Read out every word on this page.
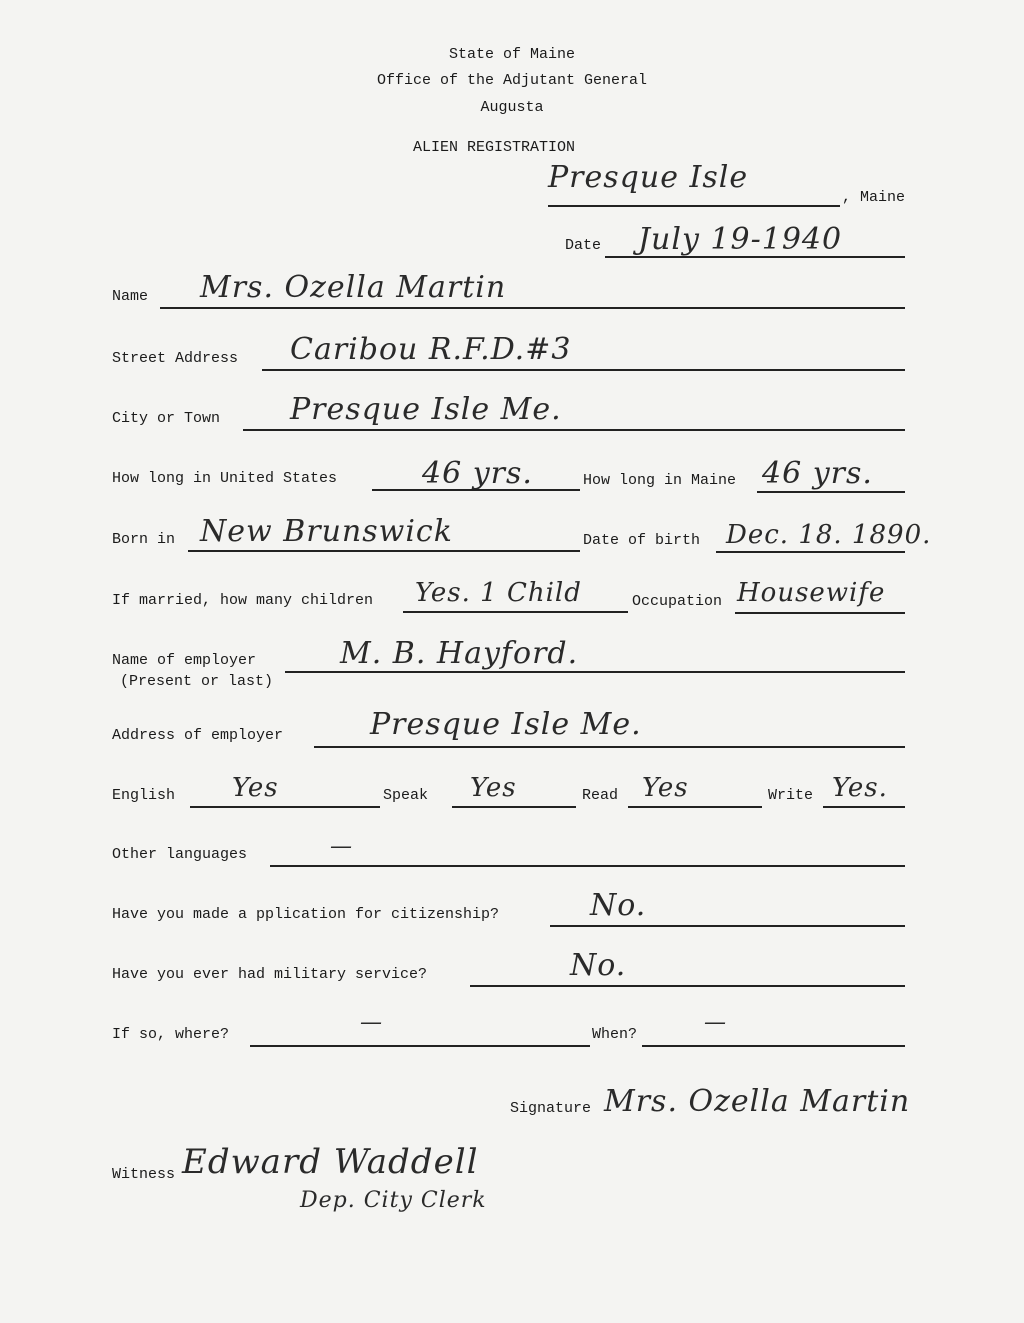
State of Maine
Office of the Adjutant General
Augusta
ALIEN REGISTRATION
Presque Isle
, Maine
Date July 19-1940
Name Mrs. Ozella Martin
Street Address Caribou R.F.D.#3
City or Town Presque Isle Me.
How long in United States	46 yrs.	How long in Maine 46 yrs.
Born in New Brunswick	Date of birth Dec. 18. 1890.
If married, how many children Yes. 1 Child	Occupation Housewife
Name of employer
(Present or last)
M. B. Hayford.
Address of employer	Presque Isle Me.
English Yes	Speak Yes	Read Yes	Write Yes.
Other languages	—
Have you made a pplication for citizenship?	No.
Have you ever had military service?	No.
If so, where?	—	When?	—
Signature Mrs. Ozella Martin
Witness Edward Waddell
Dep. City Clerk
